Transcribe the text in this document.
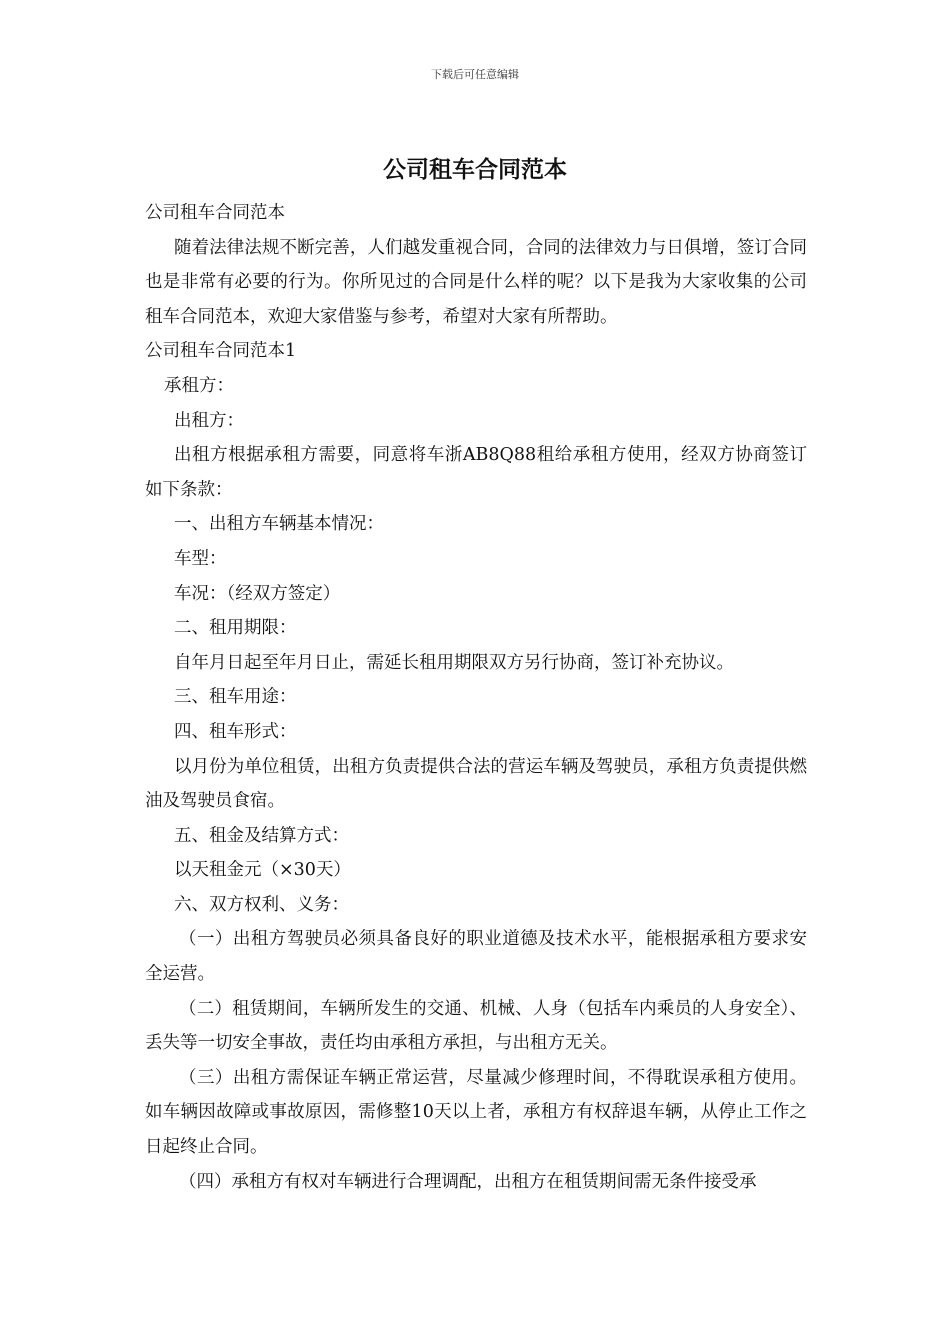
下载后可任意编辑
公司租车合同范本

公司租车合同范本

随着法律法规不断完善，人们越发重视合同，合同的法律效力与日俱增，签订合同也是非常有必要的行为。你所见过的合同是什么样的呢？以下是我为大家收集的公司租车合同范本，欢迎大家借鉴与参考，希望对大家有所帮助。

公司租车合同范本1

承租方：

出租方：

出租方根据承租方需要，同意将车浙AB8Q88租给承租方使用，经双方协商签订如下条款：

一、出租方车辆基本情况：

车型：

车况：（经双方签定）

二、租用期限：

自年月日起至年月日止，需延长租用期限双方另行协商，签订补充协议。

三、租车用途：

四、租车形式：

以月份为单位租赁，出租方负责提供合法的营运车辆及驾驶员，承租方负责提供燃油及驾驶员食宿。

五、租金及结算方式：

以天租金元（×30天）

六、双方权利、义务：

（一）出租方驾驶员必须具备良好的职业道德及技术水平，能根据承租方要求安全运营。

（二）租赁期间，车辆所发生的交通、机械、人身（包括车内乘员的人身安全）、丢失等一切安全事故，责任均由承租方承担，与出租方无关。

（三）出租方需保证车辆正常运营，尽量减少修理时间，不得耽误承租方使用。如车辆因故障或事故原因，需修整10天以上者，承租方有权辞退车辆，从停止工作之日起终止合同。

（四）承租方有权对车辆进行合理调配，出租方在租赁期间需无条件接受承
